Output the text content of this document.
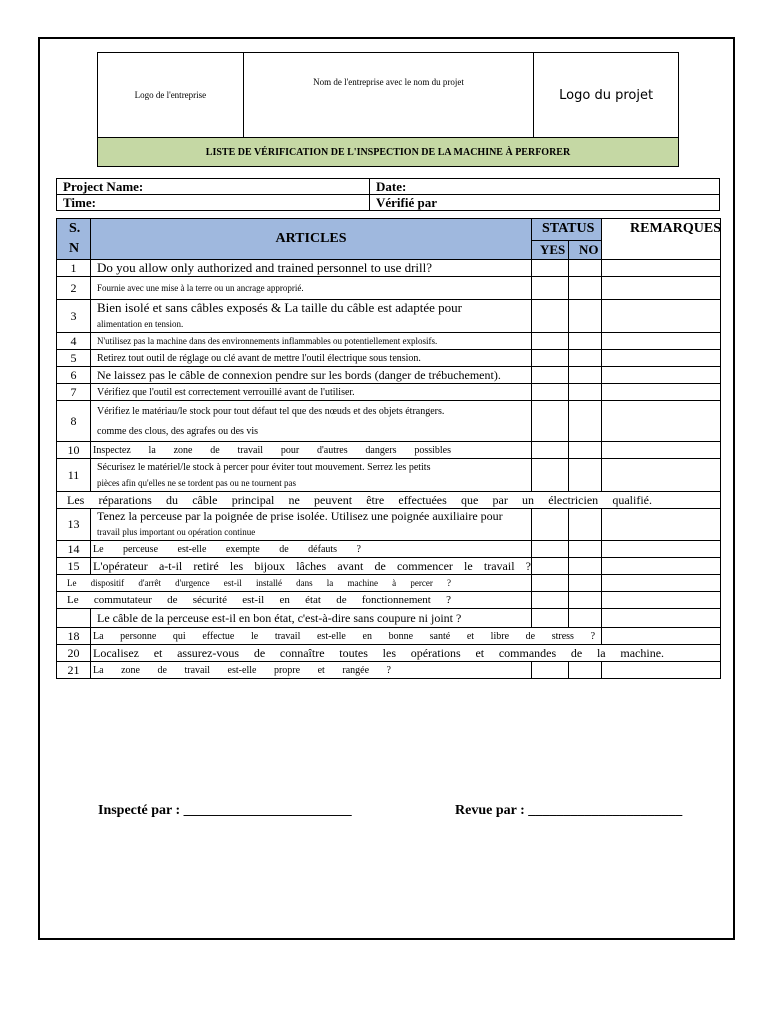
Logo de l'entreprise	Nom de l'entreprise avec le nom du projet	Logo du projet
LISTE DE VÉRIFICATION DE L'INSPECTION DE LA MACHINE À PERFORER
Project Name:	Date:
Time:	Vérifié par
S. N	ARTICLES	STATUS		REMARQUES
		YES	NO	
1	Do you allow only authorized and trained personnel to use drill?			
2	Fournie avec une mise à la terre ou un ancrage approprié.			
3	Bien isolé et sans câbles exposés & La taille du câble est adaptée pour
alimentation en tension.			
4	N'utilisez pas la machine dans des environnements inflammables ou potentiellement explosifs.			
5	Retirez tout outil de réglage ou clé avant de mettre l'outil électrique sous tension.			
6	Ne laissez pas le câble de connexion pendre sur les bords (danger de trébuchement).			
7	Vérifiez que l'outil est correctement verrouillé avant de l'utiliser.			
8	Vérifiez le matériau/le stock pour tout défaut tel que des nœuds et des objets étrangers.
comme des clous, des agrafes ou des vis			
10	Inspectez la zone de travail pour d'autres dangers possibles			
11	Sécurisez le matériel/le stock à percer pour éviter tout mouvement. Serrez les petits
pièces afin qu'elles ne se tordent pas ou ne tournent pas			
Les réparations du câble principal ne peuvent être effectuées que par un électricien qualifié.				
13	Tenez la perceuse par la poignée de prise isolée. Utilisez une poignée auxiliaire pour
travail plus important ou opération continue			
14	Le perceuse est-elle exempte de défauts ?			
15	L'opérateur a-t-il retiré les bijoux lâches avant de commencer le travail ?			
Le dispositif d'arrêt d'urgence est-il installé dans la machine à percer ?				
Le commutateur de sécurité est-il en état de fonctionnement ?				
	Le câble de la perceuse est-il en bon état, c'est-à-dire sans coupure ni joint ?			
18	La personne qui effectue le travail est-elle en bonne santé et libre de stress ?			
20	Localisez et assurez-vous de connaître toutes les opérations et commandes de la machine.			
21	La zone de travail est-elle propre et rangée ?			
Inspecté par : ________________________	Revue par : ______________________
